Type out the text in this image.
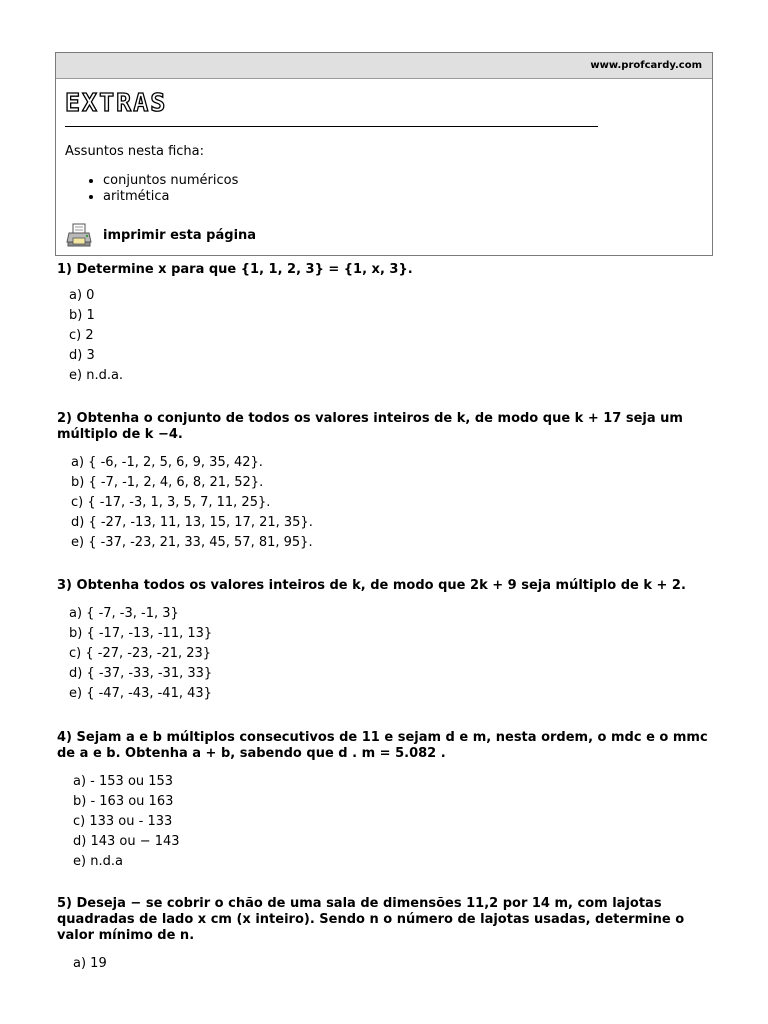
www.profcardy.com
EXTRAS
Assuntos nesta ficha:
• conjuntos numéricos
• aritmética
imprimir esta página

1) Determine x para que {1, 1, 2, 3} = {1, x, 3}.

a) 0
b) 1
c) 2
d) 3
e) n.d.a.

2) Obtenha o conjunto de todos os valores inteiros de k, de modo que k + 17 seja um múltiplo de k −4.

a) { -6, -1, 2, 5, 6, 9, 35, 42}.
b) { -7, -1, 2, 4, 6, 8, 21, 52}.
c) { -17, -3, 1, 3, 5, 7, 11, 25}.
d) { -27, -13, 11, 13, 15, 17, 21, 35}.
e) { -37, -23, 21, 33, 45, 57, 81, 95}.

3) Obtenha todos os valores inteiros de k, de modo que 2k + 9 seja múltiplo de k + 2.

a) { -7, -3, -1, 3}
b) { -17, -13, -11, 13}
c) { -27, -23, -21, 23}
d) { -37, -33, -31, 33}
e) { -47, -43, -41, 43}

4) Sejam a e b múltiplos consecutivos de 11 e sejam d e m, nesta ordem, o mdc e o mmc de a e b. Obtenha a + b, sabendo que d . m = 5.082 .

a) - 153 ou 153
b) - 163 ou 163
c) 133 ou - 133
d) 143 ou − 143
e) n.d.a

5) Deseja − se cobrir o chão de uma sala de dimensões 11,2 por 14 m, com lajotas quadradas de lado x cm (x inteiro). Sendo n o número de lajotas usadas, determine o valor mínimo de n.

a) 19
